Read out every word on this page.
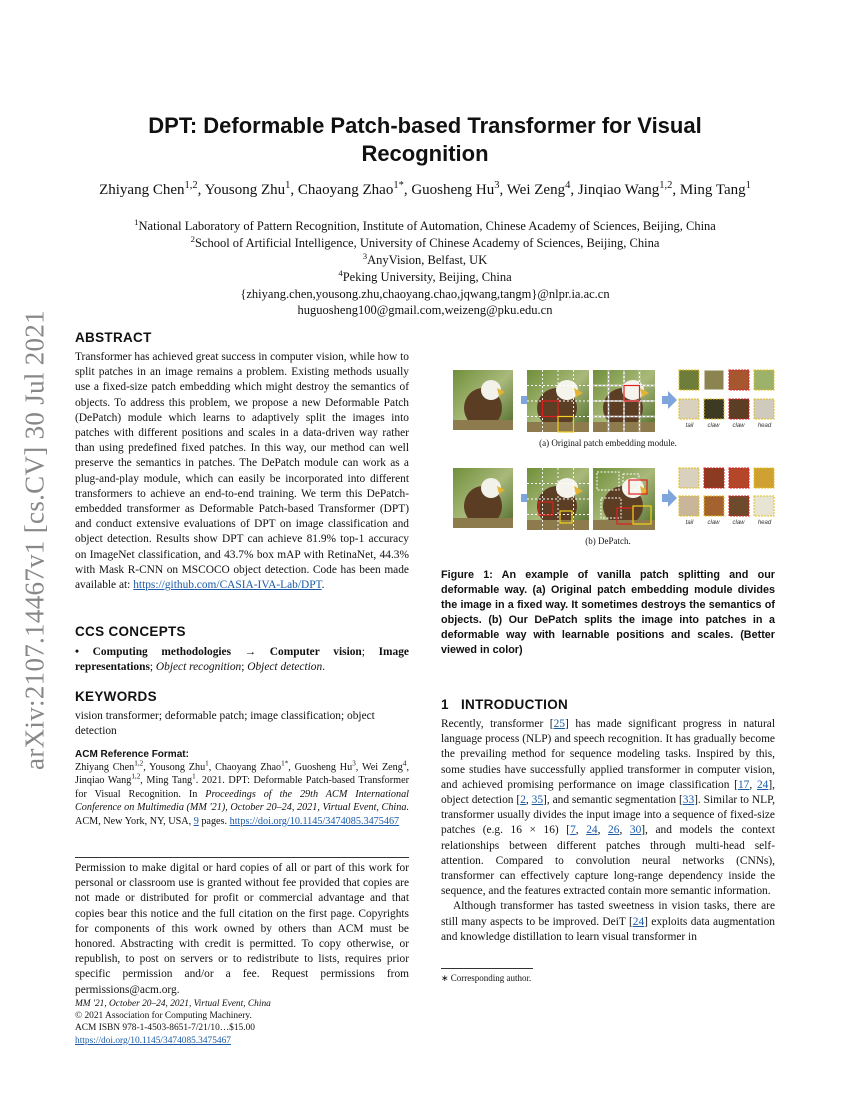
arXiv:2107.14467v1 [cs.CV] 30 Jul 2021
DPT: Deformable Patch-based Transformer for Visual
Recognition
Zhiyang Chen$^{1,2}$, Yousong Zhu$^1$, Chaoyang Zhao$^{1*}$, Guosheng Hu$^3$, Wei Zeng$^4$, Jinqiao Wang$^{1,2}$, Ming Tang$^1$
$^1$National Laboratory of Pattern Recognition, Institute of Automation, Chinese Academy of Sciences, Beijing, China
$^2$School of Artificial Intelligence, University of Chinese Academy of Sciences, Beijing, China
$^3$AnyVision, Belfast, UK
$^4$Peking University, Beijing, China
{zhiyang.chen,yousong.zhu,chaoyang.chao,jqwang,tangm}@nlpr.ia.ac.cn
huguosheng100@gmail.com,weizeng@pku.edu.cn
ABSTRACT

Transformer has achieved great success in computer vision, while how to split patches in an image remains a problem. Existing methods usually use a fixed-size patch embedding which might destroy the semantics of objects. To address this problem, we propose a new Deformable Patch (DePatch) module which learns to adaptively split the images into patches with different positions and scales in a data-driven way rather than using predefined fixed patches. In this way, our method can well preserve the semantics in patches. The DePatch module can work as a plug-and-play module, which can easily be incorporated into different transformers to achieve an end-to-end training. We term this DePatch-embedded transformer as Deformable Patch-based Transformer (DPT) and conduct extensive evaluations of DPT on image classification and object detection. Results show DPT can achieve 81.9% top-1 accuracy on ImageNet classification, and 43.7% box mAP with RetinaNet, 44.3% with Mask R-CNN on MSCOCO object detection. Code has been made available at: https://github.com/CASIA-IVA-Lab/DPT.

CCS CONCEPTS

• Computing methodologies → Computer vision; Image representations; Object recognition; Object detection.

KEYWORDS

vision transformer; deformable patch; image classification; object detection

ACM Reference Format:

Zhiyang Chen$^{1,2}$, Yousong Zhu$^1$, Chaoyang Zhao$^{1*}$, Guosheng Hu$^3$, Wei Zeng$^4$, Jinqiao Wang$^{1,2}$, Ming Tang$^1$. 2021. DPT: Deformable Patch-based Transformer for Visual Recognition. In Proceedings of the 29th ACM International Conference on Multimedia (MM '21), October 20–24, 2021, Virtual Event, China. ACM, New York, NY, USA, 9 pages. https://doi.org/10.1145/3474085.3475467

Permission to make digital or hard copies of all or part of this work for personal or classroom use is granted without fee provided that copies are not made or distributed for profit or commercial advantage and that copies bear this notice and the full citation on the first page. Copyrights for components of this work owned by others than ACM must be honored. Abstracting with credit is permitted. To copy otherwise, or republish, to post on servers or to redistribute to lists, requires prior specific permission and/or a fee. Request permissions from permissions@acm.org.

MM '21, October 20–24, 2021, Virtual Event, China
© 2021 Association for Computing Machinery.
ACM ISBN 978-1-4503-8651-7/21/10…$15.00
https://doi.org/10.1145/3474085.3475467
tail	claw	claw	head
(a) Original patch embedding module.
tail	claw	claw	head
(b) DePatch.
Figure 1: An example of vanilla patch splitting and our deformable way. (a) Original patch embedding module divides the image in a fixed way. It sometimes destroys the semantics of objects. (b) Our DePatch splits the image into patches in a deformable way with learnable positions and scales. (Better viewed in color)
1 INTRODUCTION

Recently, transformer [25] has made significant progress in natural language process (NLP) and speech recognition. It has gradually become the prevailing method for sequence modeling tasks. Inspired by this, some studies have successfully applied transformer in computer vision, and achieved promising performance on image classification [17, 24], object detection [2, 35], and semantic segmentation [33]. Similar to NLP, transformer usually divides the input image into a sequence of fixed-size patches (e.g. 16 × 16) [7, 24, 26, 30], and models the context relationships between different patches through multi-head self-attention. Compared to convolution neural networks (CNNs), transformer can effectively capture long-range dependency inside the sequence, and the features extracted contain more semantic information.

Although transformer has tasted sweetness in vision tasks, there are still many aspects to be improved. DeiT [24] exploits data augmentation and knowledge distillation to learn visual transformer in

∗ Corresponding author.
